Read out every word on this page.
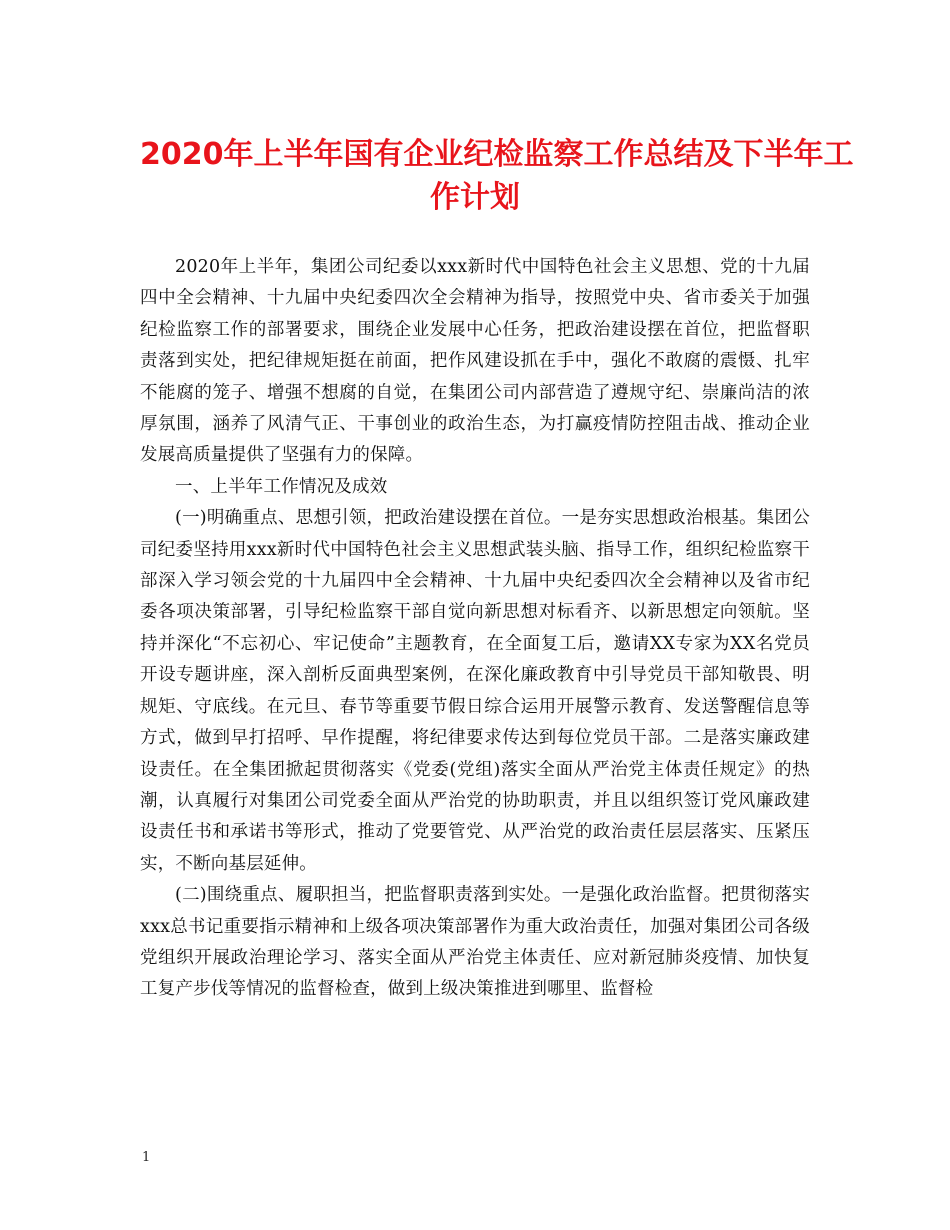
2020年上半年国有企业纪检监察工作总结及下半年工
作计划

2020年上半年，集团公司纪委以xxx新时代中国特色社会主义思想、党的十九届四中全会精神、十九届中央纪委四次全会精神为指导，按照党中央、省市委关于加强纪检监察工作的部署要求，围绕企业发展中心任务，把政治建设摆在首位，把监督职责落到实处，把纪律规矩挺在前面，把作风建设抓在手中，强化不敢腐的震慑、扎牢不能腐的笼子、增强不想腐的自觉，在集团公司内部营造了遵规守纪、崇廉尚洁的浓厚氛围，涵养了风清气正、干事创业的政治生态，为打赢疫情防控阻击战、推动企业发展高质量提供了坚强有力的保障。

一、上半年工作情况及成效

(一)明确重点、思想引领，把政治建设摆在首位。一是夯实思想政治根基。集团公司纪委坚持用xxx新时代中国特色社会主义思想武装头脑、指导工作，组织纪检监察干部深入学习领会党的十九届四中全会精神、十九届中央纪委四次全会精神以及省市纪委各项决策部署，引导纪检监察干部自觉向新思想对标看齐、以新思想定向领航。坚持并深化“不忘初心、牢记使命”主题教育，在全面复工后，邀请XX专家为XX名党员开设专题讲座，深入剖析反面典型案例，在深化廉政教育中引导党员干部知敬畏、明规矩、守底线。在元旦、春节等重要节假日综合运用开展警示教育、发送警醒信息等方式，做到早打招呼、早作提醒，将纪律要求传达到每位党员干部。二是落实廉政建设责任。在全集团掀起贯彻落实《党委(党组)落实全面从严治党主体责任规定》的热潮，认真履行对集团公司党委全面从严治党的协助职责，并且以组织签订党风廉政建设责任书和承诺书等形式，推动了党要管党、从严治党的政治责任层层落实、压紧压实，不断向基层延伸。

(二)围绕重点、履职担当，把监督职责落到实处。一是强化政治监督。把贯彻落实xxx总书记重要指示精神和上级各项决策部署作为重大政治责任，加强对集团公司各级党组织开展政治理论学习、落实全面从严治党主体责任、应对新冠肺炎疫情、加快复工复产步伐等情况的监督检查，做到上级决策推进到哪里、监督检

1
